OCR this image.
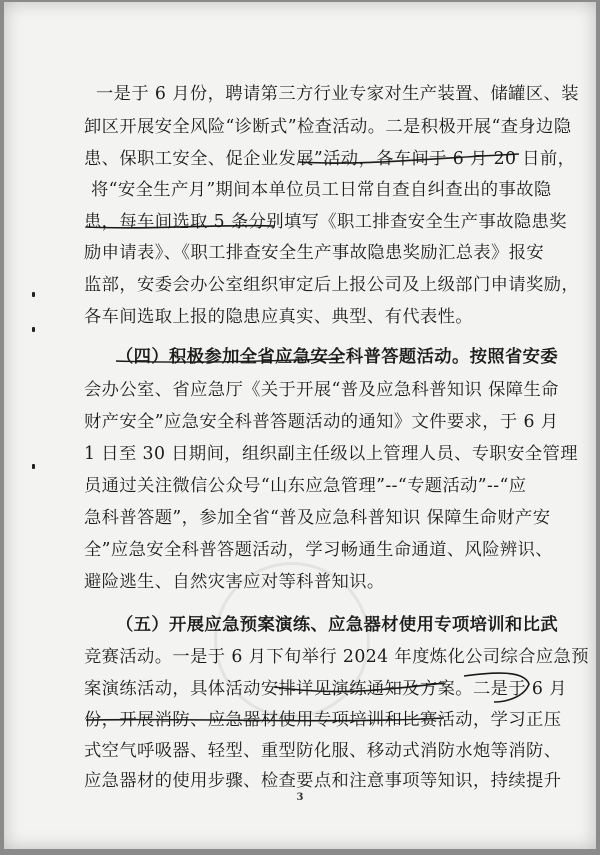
一是于 6 月份，聘请第三方行业专家对生产装置、储罐区、装
卸区开展安全风险“诊断式”检查活动。二是积极开展“查身边隐
患、保职工安全、促企业发展”活动，各车间于 6 月 20 日前，
将“安全生产月”期间本单位员工日常自查自纠查出的事故隐
患，每车间选取 5 条分别填写《职工排查安全生产事故隐患奖
励申请表》、《职工排查安全生产事故隐患奖励汇总表》报安
监部，安委会办公室组织审定后上报公司及上级部门申请奖励，
各车间选取上报的隐患应真实、典型、有代表性。
（四）积极参加全省应急安全科普答题活动。按照省安委
会办公室、省应急厅《关于开展“普及应急科普知识 保障生命
财产安全”应急安全科普答题活动的通知》文件要求，于 6 月
1 日至 30 日期间，组织副主任级以上管理人员、专职安全管理
员通过关注微信公众号“山东应急管理”--“专题活动”--“应
急科普答题”，参加全省“普及应急科普知识 保障生命财产安
全”应急安全科普答题活动，学习畅通生命通道、风险辨识、
避险逃生、自然灾害应对等科普知识。
（五）开展应急预案演练、应急器材使用专项培训和比武
竞赛活动。一是于 6 月下旬举行 2024 年度炼化公司综合应急预
案演练活动，具体活动安排详见演练通知及方案。二是于 6 月
份，开展消防、应急器材使用专项培训和比赛活动，学习正压
式空气呼吸器、轻型、重型防化服、移动式消防水炮等消防、
应急器材的使用步骤、检查要点和注意事项等知识，持续提升
3
